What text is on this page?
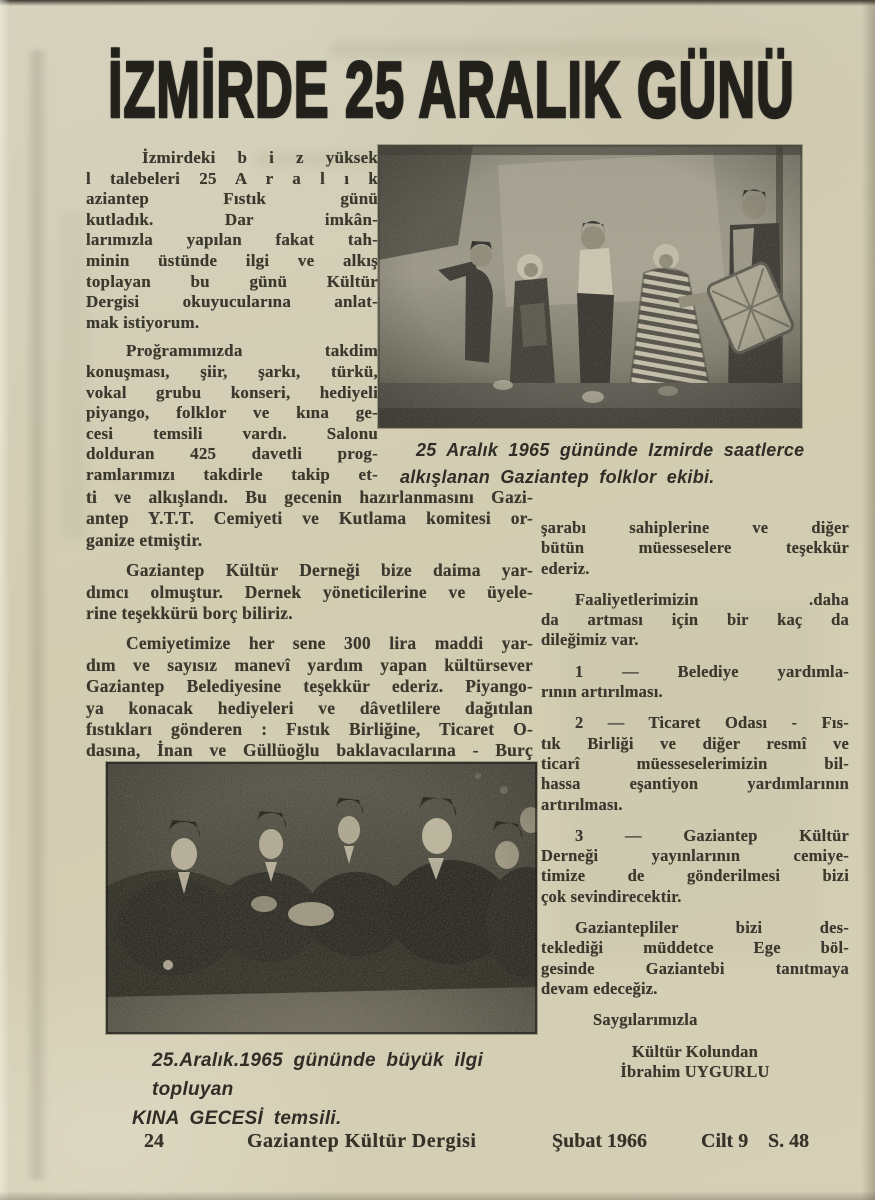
İZMİRDE 25 ARALIK GÜNÜ
25 Aralık 1965 gününde Izmirde saatlerce
alkışlanan Gaziantep folklor ekibi.
İzmirdeki b i z yüksek
l talebeleri 25 A r a l ı k
aziantep Fıstık günü
kutladık. Dar imkân-
larımızla yapılan fakat tah-
minin üstünde ilgi ve alkış
toplayan bu günü Kültür
Dergisi okuyucularına anlat-
mak istiyorum.
Proğramımızda takdim
konuşması, şiir, şarkı, türkü,
vokal grubu konseri, hediyeli
piyango, folklor ve kına ge-
cesi temsili vardı. Salonu
dolduran 425 davetli prog-
ramlarımızı takdirle takip et-
ti ve alkışlandı. Bu gecenin hazırlanmasını Gazi-
antep Y.T.T. Cemiyeti ve Kutlama komitesi or-
ganize etmiştir.
Gaziantep Kültür Derneği bize daima yar-
dımcı olmuştur. Dernek yöneticilerine ve üyele-
rine teşekkürü borç biliriz.
Cemiyetimize her sene 300 lira maddi yar-
dım ve sayısız manevî yardım yapan kültürsever
Gaziantep Belediyesine teşekkür ederiz. Piyango-
ya konacak hediyeleri ve dâvetlilere dağıtılan
fıstıkları gönderen : Fıstık Birliğine, Ticaret O-
dasına, İnan ve Güllüoğlu baklavacılarına - Burç
25.Aralık.1965 gününde büyük ilgi topluyan
KINA GECESİ temsili.
şarabı sahiplerine ve diğer
bütün müesseselere teşekkür
ederiz.
Faaliyetlerimizin .daha
da artması için bir kaç da
dileğimiz var.
1 — Belediye yardımla-
rının artırılması.
2 — Ticaret Odası - Fıs-
tık Birliği ve diğer resmî ve
ticarî müesseselerimizin bil-
hassa eşantiyon yardımlarının
artırılması.
3 — Gaziantep Kültür
Derneği yayınlarının cemiye-
timize de gönderilmesi bizi
çok sevindirecektir.
Gaziantepliler bizi des-
teklediği müddetce Ege böl-
gesinde Gaziantebi tanıtmaya
devam edeceğiz.
Saygılarımızla
Kültür Kolundan
İbrahim UYGURLU
24	Gaziantep Kültür Dergisi	Şubat 1966	Cilt 9 S. 48
